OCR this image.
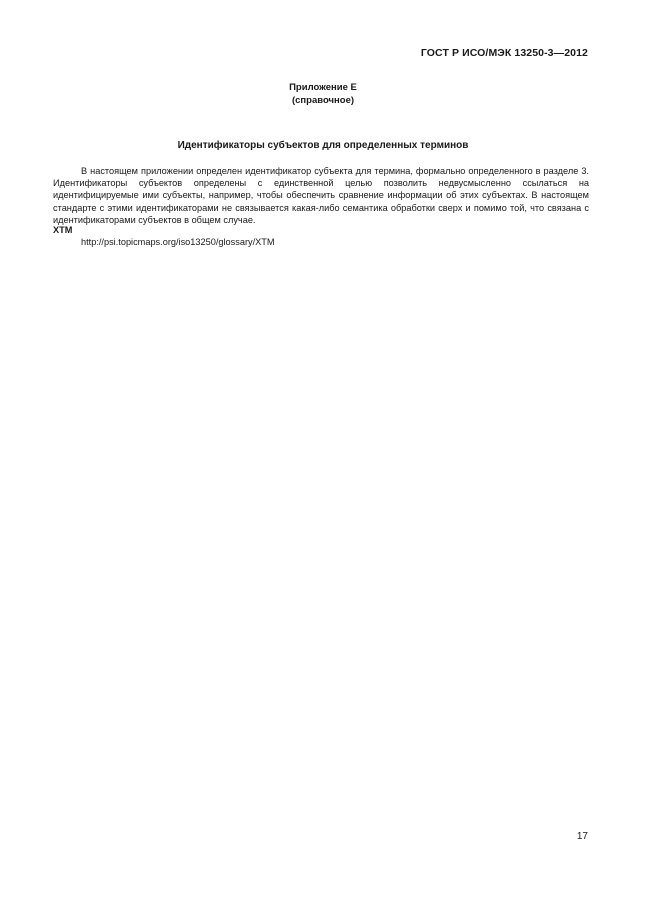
ГОСТ Р ИСО/МЭК 13250-3—2012
Приложение E
(справочное)
Идентификаторы субъектов для определенных терминов

В настоящем приложении определен идентификатор субъекта для термина, формально определенного в разделе 3. Идентификаторы субъектов определены с единственной целью позволить недвусмысленно ссылаться на идентифицируемые ими субъекты, например, чтобы обеспечить сравнение информации об этих субъектах. В настоящем стандарте с этими идентификаторами не связывается какая-либо семантика обработки сверх и помимо той, что связана с идентификаторами субъектов в общем случае.

XTM
http://psi.topicmaps.org/iso13250/glossary/XTM
17
